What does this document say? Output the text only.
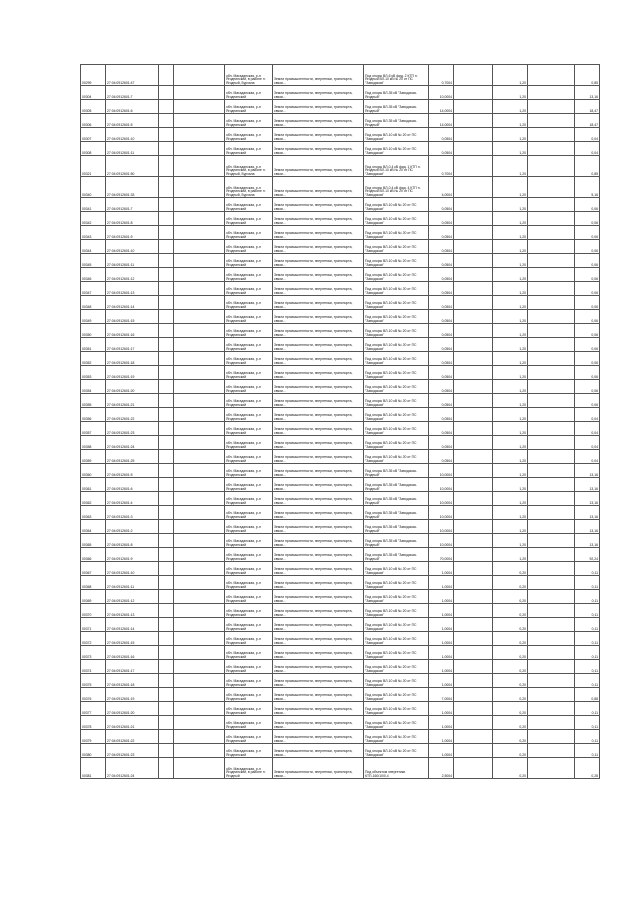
00299	27:04:0912601:47			обл. Магаданская, р-н Ягоднинский, в районе п. Ягодный, Бурхала	Земли промышленности, энергетики, транспорта, связи...	Под опоры ВЛ-6 кВ фид. 2 КТП п. Ягодный ВЛ-10 кВ № 20 от ПС "Заводская"	0,7004		1,20		0,85
00304	27:04:0912601:7			обл. Магаданская, р-н Ягоднинский	Земли промышленности, энергетики, транспорта, связи...	Под опоры ВЛ-35 кВ "Заводская-Ягодный"	10,0004		1,20		13,16
00305	27:04:0912601:6			обл. Магаданская, р-н Ягоднинский	Земли промышленности, энергетики, транспорта, связи...	Под опоры ВЛ-35 кВ "Заводская-Ягодный"	14,0004		1,20		18,47
00306	27:04:0912601:5			обл. Магаданская, р-н Ягоднинский	Земли промышленности, энергетики, транспорта, связи...	Под опоры ВЛ-35 кВ "Заводская-Ягодный"	14,0004		1,20		18,47
00307	27:04:0912601:10			обл. Магаданская, р-н Ягоднинский	Земли промышленности, энергетики, транспорта, связи...	Под опоры ВЛ-10 кВ № 20 от ПС "Заводская"	0,0504		1,20		0,04
00308	27:04:0912601:11			обл. Магаданская, р-н Ягоднинский	Земли промышленности, энергетики, транспорта, связи...	Под опоры ВЛ-10 кВ № 20 от ПС "Заводская"	0,0504		1,20		0,04
00321	27:04:0912601:50			обл. Магаданская, р-н Ягоднинский, в районе п. Ягодный, Бурхала	Земли промышленности, энергетики, транспорта, связи...	Под опоры ВЛ-0,4 кВ фид. 1 КТП п. Ягодный ВЛ-10 кВ № 20 от ПС "Заводская"	0,7004		1,20		0,85
00340	27:04:0912601:33			обл. Магаданская, р-н Ягоднинский, в районе п. Ягодный, Бурхала	Земли промышленности, энергетики, транспорта, связи...	Под опоры ВЛ-0,4 кВ фид. 4 КТП п. Ягодный ВЛ-10 кВ № 20 от ПС "Заводская"	4,0004		1,20		5,16
00341	27:04:0912601:7			обл. Магаданская, р-н Ягоднинский	Земли промышленности, энергетики, транспорта, связи...	Под опоры ВЛ-10 кВ № 20 от ПС "Заводская"	0,0504		1,20		0,06
00342	27:04:0912601:8			обл. Магаданская, р-н Ягоднинский	Земли промышленности, энергетики, транспорта, связи...	Под опоры ВЛ-10 кВ № 20 от ПС "Заводская"	0,0504		1,20		0,06
00343	27:04:0912601:9			обл. Магаданская, р-н Ягоднинский	Земли промышленности, энергетики, транспорта, связи...	Под опоры ВЛ-10 кВ № 20 от ПС "Заводская"	0,0504		1,20		0,06
00344	27:04:0912601:10			обл. Магаданская, р-н Ягоднинский	Земли промышленности, энергетики, транспорта, связи...	Под опоры ВЛ-10 кВ № 20 от ПС "Заводская"	0,0504		1,20		0,06
00345	27:04:0912601:11			обл. Магаданская, р-н Ягоднинский	Земли промышленности, энергетики, транспорта, связи...	Под опоры ВЛ-10 кВ № 20 от ПС "Заводская"	0,0504		1,20		0,06
00346	27:04:0912601:12			обл. Магаданская, р-н Ягоднинский	Земли промышленности, энергетики, транспорта, связи...	Под опоры ВЛ-10 кВ № 20 от ПС "Заводская"	0,0504		1,20		0,06
00347	27:04:0912601:13			обл. Магаданская, р-н Ягоднинский	Земли промышленности, энергетики, транспорта, связи...	Под опоры ВЛ-10 кВ № 20 от ПС "Заводская"	0,0504		1,20		0,06
00348	27:04:0912601:14			обл. Магаданская, р-н Ягоднинский	Земли промышленности, энергетики, транспорта, связи...	Под опоры ВЛ-10 кВ № 20 от ПС "Заводская"	0,0504		1,20		0,06
00349	27:04:0912601:15			обл. Магаданская, р-н Ягоднинский	Земли промышленности, энергетики, транспорта, связи...	Под опоры ВЛ-10 кВ № 20 от ПС "Заводская"	0,0504		1,20		0,06
00350	27:04:0912601:16			обл. Магаданская, р-н Ягоднинский	Земли промышленности, энергетики, транспорта, связи...	Под опоры ВЛ-10 кВ № 20 от ПС "Заводская"	0,0504		1,20		0,06
00351	27:04:0912601:17			обл. Магаданская, р-н Ягоднинский	Земли промышленности, энергетики, транспорта, связи...	Под опоры ВЛ-10 кВ № 20 от ПС "Заводская"	0,0504		1,20		0,06
00352	27:04:0912601:18			обл. Магаданская, р-н Ягоднинский	Земли промышленности, энергетики, транспорта, связи...	Под опоры ВЛ-10 кВ № 20 от ПС "Заводская"	0,0504		1,20		0,06
00353	27:04:0912601:19			обл. Магаданская, р-н Ягоднинский	Земли промышленности, энергетики, транспорта, связи...	Под опоры ВЛ-10 кВ № 20 от ПС "Заводская"	0,0504		1,20		0,06
00354	27:04:0912601:20			обл. Магаданская, р-н Ягоднинский	Земли промышленности, энергетики, транспорта, связи...	Под опоры ВЛ-10 кВ № 20 от ПС "Заводская"	0,0504		1,20		0,06
00355	27:04:0912601:21			обл. Магаданская, р-н Ягоднинский	Земли промышленности, энергетики, транспорта, связи...	Под опоры ВЛ-10 кВ № 20 от ПС "Заводская"	0,0504		1,20		0,06
00356	27:04:0912601:22			обл. Магаданская, р-н Ягоднинский	Земли промышленности, энергетики, транспорта, связи...	Под опоры ВЛ-10 кВ № 20 от ПС "Заводская"	0,0504		1,20		0,04
00357	27:04:0912601:23			обл. Магаданская, р-н Ягоднинский	Земли промышленности, энергетики, транспорта, связи...	Под опоры ВЛ-10 кВ № 20 от ПС "Заводская"	0,0504		1,20		0,04
00358	27:04:0912601:24			обл. Магаданская, р-н Ягоднинский	Земли промышленности, энергетики, транспорта, связи...	Под опоры ВЛ-10 кВ № 20 от ПС "Заводская"	0,0504		1,20		0,04
00359	27:04:0912601:25			обл. Магаданская, р-н Ягоднинский	Земли промышленности, энергетики, транспорта, связи...	Под опоры ВЛ-10 кВ № 20 от ПС "Заводская"	0,0504		1,20		0,04
00360	27:04:0912601:5			обл. Магаданская, р-н Ягоднинский	Земли промышленности, энергетики, транспорта, связи...	Под опоры ВЛ-35 кВ "Заводская-Ягодный"	10,0004		1,20		13,16
00361	27:04:0912601:6			обл. Магаданская, р-н Ягоднинский	Земли промышленности, энергетики, транспорта, связи...	Под опоры ВЛ-35 кВ "Заводская-Ягодный"	10,0004		1,20		13,16
00362	27:04:0912601:4			обл. Магаданская, р-н Ягоднинский	Земли промышленности, энергетики, транспорта, связи...	Под опоры ВЛ-35 кВ "Заводская-Ягодный"	10,0004		1,20		13,16
00363	27:04:0912601:3			обл. Магаданская, р-н Ягоднинский	Земли промышленности, энергетики, транспорта, связи...	Под опоры ВЛ-35 кВ "Заводская-Ягодный"	10,0004		1,20		13,16
00364	27:04:0912601:2			обл. Магаданская, р-н Ягоднинский	Земли промышленности, энергетики, транспорта, связи...	Под опоры ВЛ-35 кВ "Заводская-Ягодный"	10,0004		1,20		13,16
00365	27:04:0912601:8			обл. Магаданская, р-н Ягоднинский	Земли промышленности, энергетики, транспорта, связи...	Под опоры ВЛ-35 кВ "Заводская-Ягодный"	10,0004		1,20		13,16
00366	27:04:0912601:9			обл. Магаданская, р-н Ягоднинский	Земли промышленности, энергетики, транспорта, связи...	Под опоры ВЛ-35 кВ "Заводская-Ягодный"	70,0004		1,20		92,24
00367	27:04:0912601:10			обл. Магаданская, р-н Ягоднинский	Земли промышленности, энергетики, транспорта, связи...	Под опоры ВЛ-10 кВ № 20 от ПС "Заводская"	1,0004		0,20		0,11
00368	27:04:0912601:11			обл. Магаданская, р-н Ягоднинский	Земли промышленности, энергетики, транспорта, связи...	Под опоры ВЛ-10 кВ № 20 от ПС "Заводская"	1,0004		0,20		0,11
00369	27:04:0912601:12			обл. Магаданская, р-н Ягоднинский	Земли промышленности, энергетики, транспорта, связи...	Под опоры ВЛ-10 кВ № 20 от ПС "Заводская"	1,0004		0,20		0,11
00370	27:04:0912601:13			обл. Магаданская, р-н Ягоднинский	Земли промышленности, энергетики, транспорта, связи...	Под опоры ВЛ-10 кВ № 20 от ПС "Заводская"	1,0004		0,20		0,11
00371	27:04:0912601:14			обл. Магаданская, р-н Ягоднинский	Земли промышленности, энергетики, транспорта, связи...	Под опоры ВЛ-10 кВ № 20 от ПС "Заводская"	1,0004		0,20		0,11
00372	27:04:0912601:15			обл. Магаданская, р-н Ягоднинский	Земли промышленности, энергетики, транспорта, связи...	Под опоры ВЛ-10 кВ № 20 от ПС "Заводская"	1,0004		0,20		0,11
00373	27:04:0912601:16			обл. Магаданская, р-н Ягоднинский	Земли промышленности, энергетики, транспорта, связи...	Под опоры ВЛ-10 кВ № 20 от ПС "Заводская"	1,0004		0,20		0,11
00374	27:04:0912601:17			обл. Магаданская, р-н Ягоднинский	Земли промышленности, энергетики, транспорта, связи...	Под опоры ВЛ-10 кВ № 20 от ПС "Заводская"	1,0004		0,20		0,11
00375	27:04:0912601:18			обл. Магаданская, р-н Ягоднинский	Земли промышленности, энергетики, транспорта, связи...	Под опоры ВЛ-10 кВ № 20 от ПС "Заводская"	1,0004		0,20		0,11
00376	27:04:0912601:19			обл. Магаданская, р-н Ягоднинский	Земли промышленности, энергетики, транспорта, связи...	Под опоры ВЛ-10 кВ № 20 от ПС "Заводская"	7,0004		0,20		0,88
00377	27:04:0912601:20			обл. Магаданская, р-н Ягоднинский	Земли промышленности, энергетики, транспорта, связи...	Под опоры ВЛ-10 кВ № 20 от ПС "Заводская"	1,0004		0,20		0,11
00378	27:04:0912601:21			обл. Магаданская, р-н Ягоднинский	Земли промышленности, энергетики, транспорта, связи...	Под опоры ВЛ-10 кВ № 20 от ПС "Заводская"	1,0004		0,20		0,11
00379	27:04:0912601:22			обл. Магаданская, р-н Ягоднинский	Земли промышленности, энергетики, транспорта, связи...	Под опоры ВЛ-10 кВ № 20 от ПС "Заводская"	1,0004		0,20		0,11
00380	27:04:0912601:23			обл. Магаданская, р-н Ягоднинский	Земли промышленности, энергетики, транспорта, связи...	Под опоры ВЛ-10 кВ № 20 от ПС "Заводская"	1,0004		0,20		0,11
00381	27:04:0912601:24			обл. Магаданская, р-н Ягоднинский, в районе п. Ягодный	Земли промышленности, энергетики, транспорта, связи...	Под объектом энергетики КТП-160/10/0,4	2,5004		0,20		0,28
